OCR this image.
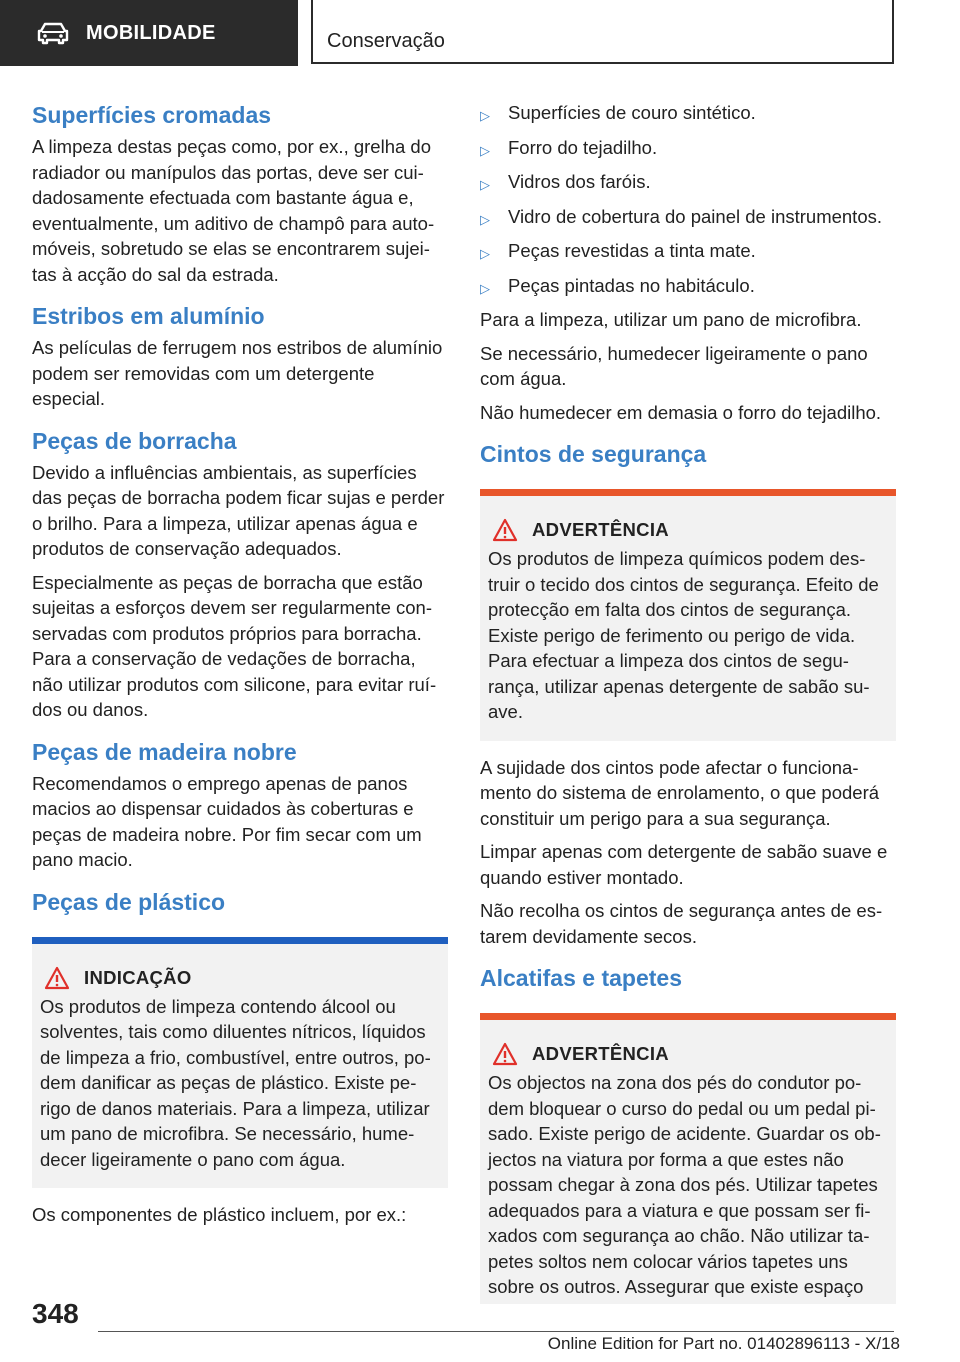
MOBILIDADE	Conservação
Superfícies cromadas

A limpeza destas peças como, por ex., grelha do radiador ou manípulos das portas, deve ser cuidadosamente efectuada com bastante água e, eventualmente, um aditivo de champô para automóveis, sobretudo se elas se encontrarem sujeitas à acção do sal da estrada.

Estribos em alumínio

As películas de ferrugem nos estribos de alumínio podem ser removidas com um detergente especial.

Peças de borracha

Devido a influências ambientais, as superfícies das peças de borracha podem ficar sujas e perder o brilho. Para a limpeza, utilizar apenas água e produtos de conservação adequados.

Especialmente as peças de borracha que estão sujeitas a esforços devem ser regularmente conservadas com produtos próprios para borracha. Para a conservação de vedações de borracha, não utilizar produtos com silicone, para evitar ruídos ou danos.

Peças de madeira nobre

Recomendamos o emprego apenas de panos macios ao dispensar cuidados às coberturas e peças de madeira nobre. Por fim secar com um pano macio.

Peças de plástico
INDICAÇÃO

Os produtos de limpeza contendo álcool ou solventes, tais como diluentes nítricos, líquidos de limpeza a frio, combustível, entre outros, podem danificar as peças de plástico. Existe perigo de danos materiais. Para a limpeza, utilizar um pano de microfibra. Se necessário, humedecer ligeiramente o pano com água.

Os componentes de plástico incluem, por ex.:

▷ Superfícies de couro sintético.
▷ Forro do tejadilho.
▷ Vidros dos faróis.
▷ Vidro de cobertura do painel de instrumentos.
▷ Peças revestidas a tinta mate.
▷ Peças pintadas no habitáculo.

Para a limpeza, utilizar um pano de microfibra.

Se necessário, humedecer ligeiramente o pano com água.

Não humedecer em demasia o forro do tejadilho.

Cintos de segurança
ADVERTÊNCIA

Os produtos de limpeza químicos podem destruir o tecido dos cintos de segurança. Efeito de protecção em falta dos cintos de segurança. Existe perigo de ferimento ou perigo de vida. Para efectuar a limpeza dos cintos de segurança, utilizar apenas detergente de sabão suave.

A sujidade dos cintos pode afectar o funcionamento do sistema de enrolamento, o que poderá constituir um perigo para a sua segurança.

Limpar apenas com detergente de sabão suave e quando estiver montado.

Não recolha os cintos de segurança antes de estarem devidamente secos.

Alcatifas e tapetes
ADVERTÊNCIA

Os objectos na zona dos pés do condutor podem bloquear o curso do pedal ou um pedal pisado. Existe perigo de acidente. Guardar os objectos na viatura por forma a que estes não possam chegar à zona dos pés. Utilizar tapetes adequados para a viatura e que possam ser fixados com segurança ao chão. Não utilizar tapetes soltos nem colocar vários tapetes uns sobre os outros. Assegurar que existe espaço

348
Online Edition for Part no. 01402896113 - X/18
